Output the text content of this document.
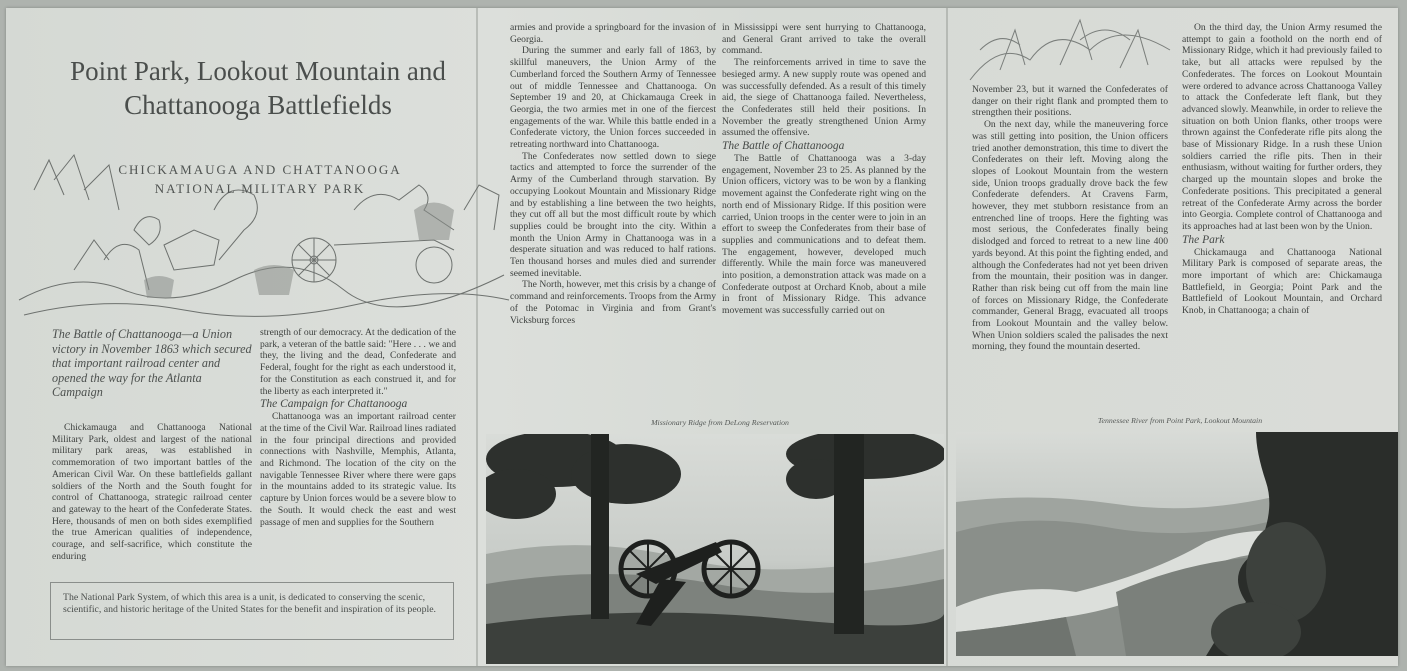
Point Park, Lookout Mountain and Chattanooga Battlefields

CHICKAMAUGA AND CHATTANOOGA
NATIONAL MILITARY PARK

The Battle of Chattanooga—a Union victory in November 1863 which secured that important railroad center and opened the way for the Atlanta Campaign

Chickamauga and Chattanooga National Military Park, oldest and largest of the national military park areas, was established in commemoration of two important battles of the American Civil War. On these battlefields gallant soldiers of the North and the South fought for control of Chattanooga, strategic railroad center and gateway to the heart of the Confederate States. Here, thousands of men on both sides exemplified the true American qualities of independence, courage, and self-sacrifice, which constitute the enduring

strength of our democracy. At the dedication of the park, a veteran of the battle said: "Here . . . we and they, the living and the dead, Confederate and Federal, fought for the right as each understood it, for the Constitution as each construed it, and for the liberty as each interpreted it."

The Campaign for Chattanooga

Chattanooga was an important railroad center at the time of the Civil War. Railroad lines radiated in the four principal directions and provided connections with Nashville, Memphis, Atlanta, and Richmond. The location of the city on the navigable Tennessee River where there were gaps in the mountains added to its strategic value. Its capture by Union forces would be a severe blow to the South. It would check the east and west passage of men and supplies for the Southern

armies and provide a springboard for the invasion of Georgia.

During the summer and early fall of 1863, by skillful maneuvers, the Union Army of the Cumberland forced the Southern Army of Tennessee out of middle Tennessee and Chattanooga. On September 19 and 20, at Chickamauga Creek in Georgia, the two armies met in one of the fiercest engagements of the war. While this battle ended in a Confederate victory, the Union forces succeeded in retreating northward into Chattanooga.

The Confederates now settled down to siege tactics and attempted to force the surrender of the Army of the Cumberland through starvation. By occupying Lookout Mountain and Missionary Ridge and by establishing a line between the two heights, they cut off all but the most difficult route by which supplies could be brought into the city. Within a month the Union Army in Chattanooga was in a desperate situation and was reduced to half rations. Ten thousand horses and mules died and surrender seemed inevitable.

The North, however, met this crisis by a change of command and reinforcements. Troops from the Army of the Potomac in Virginia and from Grant's Vicksburg forces

in Mississippi were sent hurrying to Chattanooga, and General Grant arrived to take the overall command.

The reinforcements arrived in time to save the besieged army. A new supply route was opened and was successfully defended. As a result of this timely aid, the siege of Chattanooga failed. Nevertheless, the Confederates still held their positions. In November the greatly strengthened Union Army assumed the offensive.

The Battle of Chattanooga

The Battle of Chattanooga was a 3-day engagement, November 23 to 25. As planned by the Union officers, victory was to be won by a flanking movement against the Confederate right wing on the north end of Missionary Ridge. If this position were carried, Union troops in the center were to join in an effort to sweep the Confederates from their base of supplies and communications and to defeat them. The engagement, however, developed much differently. While the main force was maneuvered into position, a demonstration attack was made on a Confederate outpost at Orchard Knob, about a mile in front of Missionary Ridge. This advance movement was successfully carried out on

November 23, but it warned the Confederates of danger on their right flank and prompted them to strengthen their positions.

On the next day, while the maneuvering force was still getting into position, the Union officers tried another demonstration, this time to divert the Confederates on their left. Moving along the slopes of Lookout Mountain from the western side, Union troops gradually drove back the few Confederate defenders. At Cravens Farm, however, they met stubborn resistance from an entrenched line of troops. Here the fighting was most serious, the Confederates finally being dislodged and forced to retreat to a new line 400 yards beyond. At this point the fighting ended, and although the Confederates had not yet been driven from the mountain, their position was in danger. Rather than risk being cut off from the main line of forces on Missionary Ridge, the Confederate commander, General Bragg, evacuated all troops from Lookout Mountain and the valley below. When Union soldiers scaled the palisades the next morning, they found the mountain deserted.

On the third day, the Union Army resumed the attempt to gain a foothold on the north end of Missionary Ridge, which it had previously failed to take, but all attacks were repulsed by the Confederates. The forces on Lookout Mountain were ordered to advance across Chattanooga Valley to attack the Confederate left flank, but they advanced slowly. Meanwhile, in order to relieve the situation on both Union flanks, other troops were thrown against the Confederate rifle pits along the base of Missionary Ridge. In a rush these Union soldiers carried the rifle pits. Then in their enthusiasm, without waiting for further orders, they charged up the mountain slopes and broke the Confederate positions. This precipitated a general retreat of the Confederate Army across the border into Georgia. Complete control of Chattanooga and its approaches had at last been won by the Union.

The Park

Chickamauga and Chattanooga National Military Park is composed of separate areas, the more important of which are: Chickamauga Battlefield, in Georgia; Point Park and the Battlefield of Lookout Mountain, and Orchard Knob, in Chattanooga; a chain of

Missionary Ridge from DeLong Reservation	Tennessee River from Point Park, Lookout Mountain
The National Park System, of which this area is a unit, is dedicated to conserving the scenic, scientific, and historic heritage of the United States for the benefit and inspiration of its people.
